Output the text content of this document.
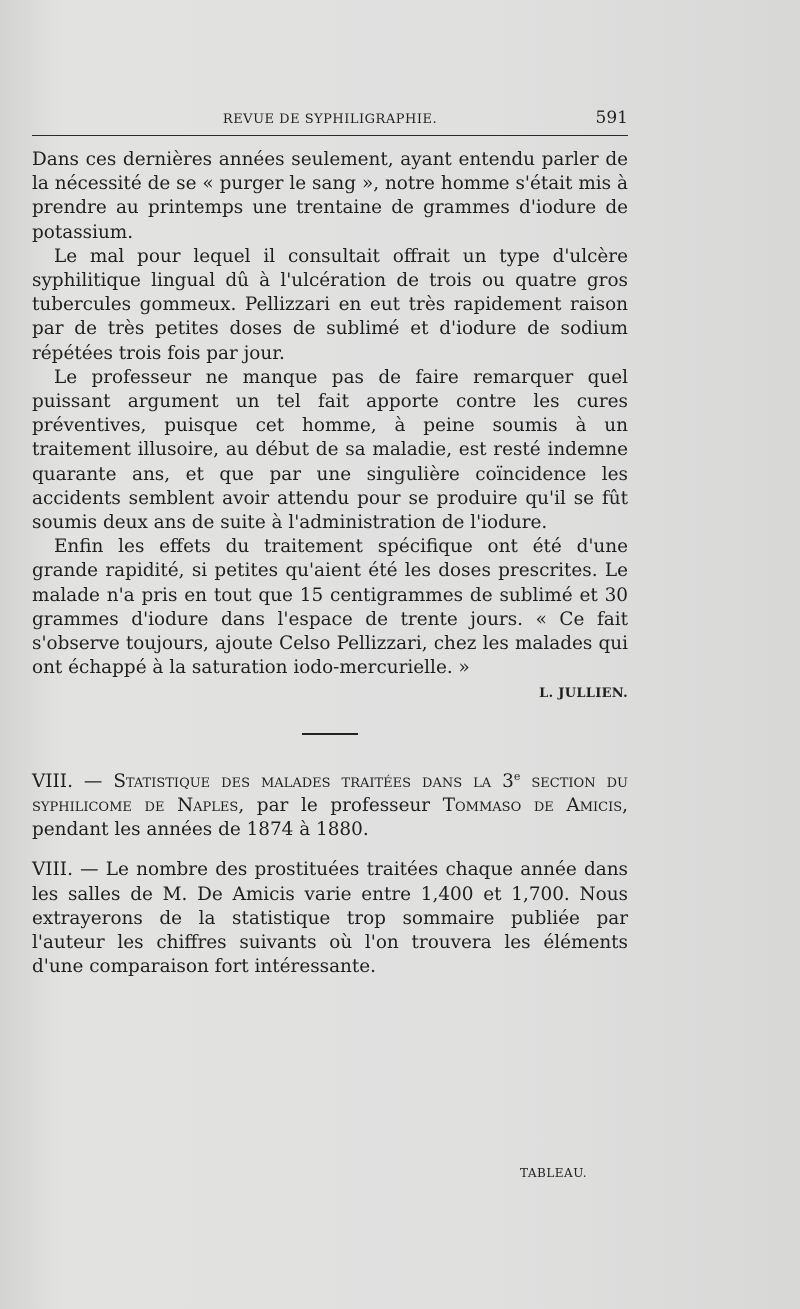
REVUE DE SYPHILIGRAPHIE.	591

Dans ces dernières années seulement, ayant entendu parler de la nécessité de se « purger le sang », notre homme s'était mis à prendre au printemps une trentaine de grammes d'iodure de potassium.

Le mal pour lequel il consultait offrait un type d'ulcère syphilitique lingual dû à l'ulcération de trois ou quatre gros tubercules gommeux. Pellizzari en eut très rapidement raison par de très petites doses de sublimé et d'iodure de sodium répétées trois fois par jour.

Le professeur ne manque pas de faire remarquer quel puissant argument un tel fait apporte contre les cures préventives, puisque cet homme, à peine soumis à un traitement illusoire, au début de sa maladie, est resté indemne quarante ans, et que par une singulière coïncidence les accidents semblent avoir attendu pour se produire qu'il se fût soumis deux ans de suite à l'administration de l'iodure.

Enfin les effets du traitement spécifique ont été d'une grande rapidité, si petites qu'aient été les doses prescrites. Le malade n'a pris en tout que 15 centigrammes de sublimé et 30 grammes d'iodure dans l'espace de trente jours. « Ce fait s'observe toujours, ajoute Celso Pellizzari, chez les malades qui ont échappé à la saturation iodo-mercurielle. »

L. JULLIEN.

VIII. — Statistique des malades traitées dans la 3e section du syphilicome de Naples, par le professeur Tommaso de Amicis, pendant les années de 1874 à 1880.

VIII. — Le nombre des prostituées traitées chaque année dans les salles de M. De Amicis varie entre 1,400 et 1,700. Nous extrayerons de la statistique trop sommaire publiée par l'auteur les chiffres suivants où l'on trouvera les éléments d'une comparaison fort intéressante.

TABLEAU.
